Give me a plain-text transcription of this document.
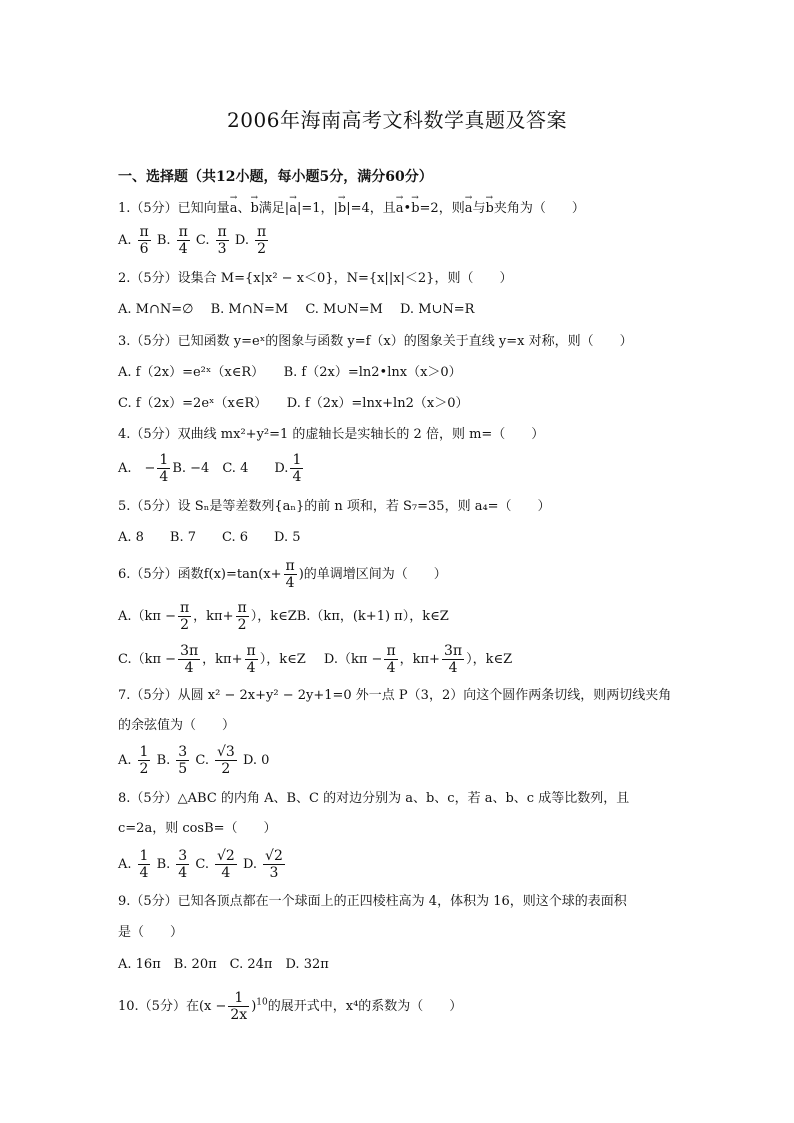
2006年海南高考文科数学真题及答案
一、选择题（共12小题，每小题5分，满分60分）
1.（5分）已知向量→ a、→ b满足|→ a|=1，|→ b|=4，且→ a•→ b=2，则→ a与→ b夹角为（　　）
A. $\frac{\pi}{6} B$. $\frac{\pi}{4} C$. $\frac{\pi}{3} D$. $\frac{\pi}{2}$
2.（5分）设集合 M={x|x² − x＜0}，N={x||x|＜2}，则（　　）
A. M∩N=∅　 B. M∩N=M　 C. M∪N=M　 D. M∪N=R
3.（5分）已知函数 y=eˣ的图象与函数 y=f（x）的图象关于直线 y=x 对称，则（　　）
A. f（2x）=e²ˣ（x∈R）　　B. f（2x）=ln2•lnx（x＞0）
C. f（2x）=2eˣ（x∈R）　　D. f（2x）=lnx+ln2（x＞0）
4.（5分）双曲线 mx²+y²=1 的虚轴长是实轴长的 2 倍，则 m=（　　）
A.　− $\frac{1}{4} B$. −4　C. 4　　D. $\frac{1}{4}$
5.（5分）设 Sₙ是等差数列{aₙ}的前 n 项和，若 S₇=35，则 a₄=（　　）
A. 8　　B. 7　　C. 6　　D. 5
6.（5分）函数$f(x)=\tan(x+ \frac{\pi}{4}$ )的单调增区间为（　　）
$A.(k\pi - \frac{\pi}{2}$ ，$k\pi+ \frac{\pi}{2}$ ），k∈ZB.（kπ，(k+1) π），k∈Z
$C.(k\pi - \frac{3\pi}{4}$ ，$k\pi+ \frac{\pi}{4}$ ），k∈Z $D.(k\pi - \frac{\pi}{4}$ ，$k\pi+ \frac{3\pi}{4}$ ），k∈Z
7.（5分）从圆 x² − 2x+y² − 2y+1=0 外一点 P（3，2）向这个圆作两条切线，则两切线夹角
的余弦值为（　　）
A. $\frac{1}{2} B$. $\frac{3}{5} C$. $\frac{√3}{2} D$. 0
8.（5分）△ABC 的内角 A、B、C 的对边分别为 a、b、c，若 a、b、c 成等比数列，且
c=2a，则 cosB=（　　）
A. $\frac{1}{4} B$. $\frac{3}{4} C$. $\frac{√2}{4} D$. $\frac{√2}{3}$
9.（5分）已知各顶点都在一个球面上的正四棱柱高为 4，体积为 16，则这个球的表面积
是（　　）
A. 16π　B. 20π　C. 24π　D. 32π
10.（5分）在$(x - \frac{1}{2x} )^{10}$的展开式中，x⁴的系数为（　　）
